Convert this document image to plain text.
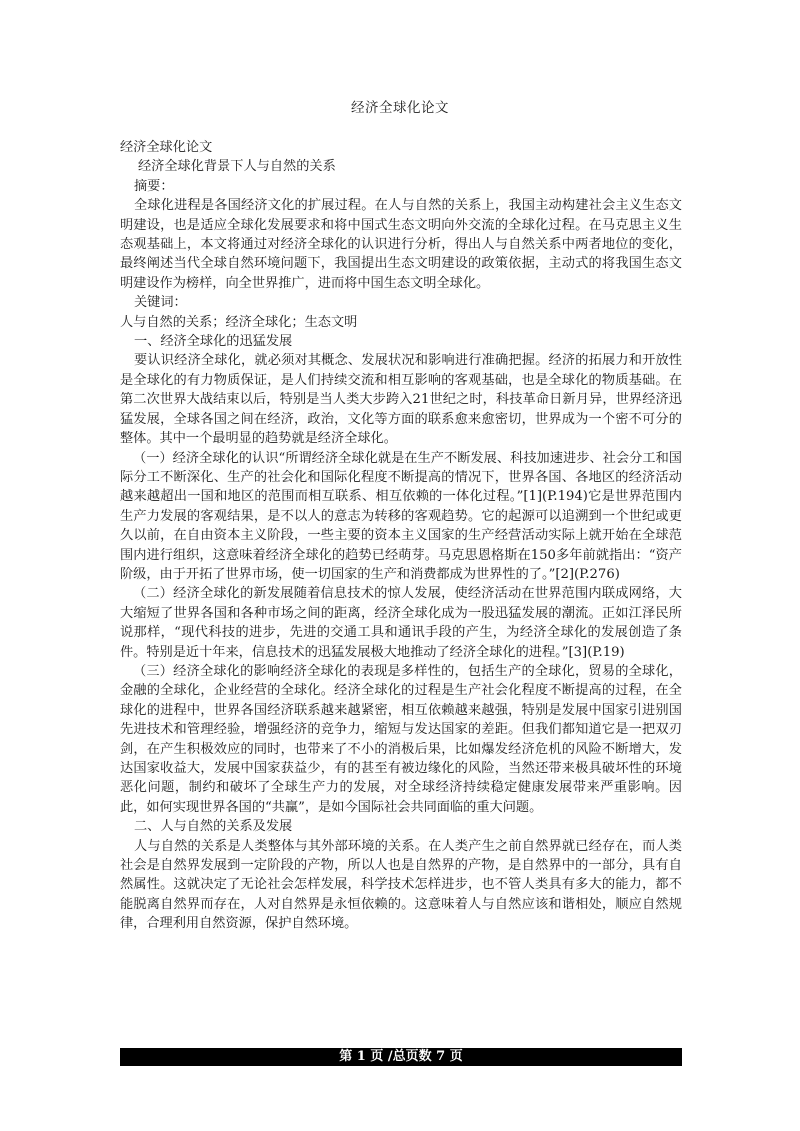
经济全球化论文

经济全球化论文

经济全球化背景下人与自然的关系

摘要：

全球化进程是各国经济文化的扩展过程。在人与自然的关系上，我国主动构建社会主义生态文明建设，也是适应全球化发展要求和将中国式生态文明向外交流的全球化过程。在马克思主义生态观基础上，本文将通过对经济全球化的认识进行分析，得出人与自然关系中两者地位的变化，最终阐述当代全球自然环境问题下，我国提出生态文明建设的政策依据，主动式的将我国生态文明建设作为榜样，向全世界推广，进而将中国生态文明全球化。

关键词：

人与自然的关系；经济全球化；生态文明

一、经济全球化的迅猛发展

要认识经济全球化，就必须对其概念、发展状况和影响进行准确把握。经济的拓展力和开放性是全球化的有力物质保证，是人们持续交流和相互影响的客观基础，也是全球化的物质基础。在第二次世界大战结束以后，特别是当人类大步跨入21世纪之时，科技革命日新月异，世界经济迅猛发展，全球各国之间在经济，政治，文化等方面的联系愈来愈密切，世界成为一个密不可分的整体。其中一个最明显的趋势就是经济全球化。

（一）经济全球化的认识“所谓经济全球化就是在生产不断发展、科技加速进步、社会分工和国际分工不断深化、生产的社会化和国际化程度不断提高的情况下，世界各国、各地区的经济活动越来越超出一国和地区的范围而相互联系、相互依赖的一体化过程。”[1](P.194)它是世界范围内生产力发展的客观结果，是不以人的意志为转移的客观趋势。它的起源可以追溯到一个世纪或更久以前，在自由资本主义阶段，一些主要的资本主义国家的生产经营活动实际上就开始在全球范围内进行组织，这意味着经济全球化的趋势已经萌芽。马克思恩格斯在150多年前就指出：“资产阶级，由于开拓了世界市场，使一切国家的生产和消费都成为世界性的了。”[2](P.276)

（二）经济全球化的新发展随着信息技术的惊人发展，使经济活动在世界范围内联成网络，大大缩短了世界各国和各种市场之间的距离，经济全球化成为一股迅猛发展的潮流。正如江泽民所说那样，“现代科技的进步，先进的交通工具和通讯手段的产生，为经济全球化的发展创造了条件。特别是近十年来，信息技术的迅猛发展极大地推动了经济全球化的进程。”[3](P.19)

（三）经济全球化的影响经济全球化的表现是多样性的，包括生产的全球化，贸易的全球化，金融的全球化，企业经营的全球化。经济全球化的过程是生产社会化程度不断提高的过程，在全球化的进程中，世界各国经济联系越来越紧密，相互依赖越来越强，特别是发展中国家引进别国先进技术和管理经验，增强经济的竞争力，缩短与发达国家的差距。但我们都知道它是一把双刃剑，在产生积极效应的同时，也带来了不小的消极后果，比如爆发经济危机的风险不断增大，发达国家收益大，发展中国家获益少，有的甚至有被边缘化的风险，当然还带来极具破坏性的环境恶化问题，制约和破坏了全球生产力的发展，对全球经济持续稳定健康发展带来严重影响。因此，如何实现世界各国的“共赢”，是如今国际社会共同面临的重大问题。

二、人与自然的关系及发展

人与自然的关系是人类整体与其外部环境的关系。在人类产生之前自然界就已经存在，而人类社会是自然界发展到一定阶段的产物，所以人也是自然界的产物，是自然界中的一部分，具有自然属性。这就决定了无论社会怎样发展，科学技术怎样进步，也不管人类具有多大的能力，都不能脱离自然界而存在，人对自然界是永恒依赖的。这意味着人与自然应该和谐相处，顺应自然规律，合理利用自然资源，保护自然环境。

第 1 页 /总页数 7 页
